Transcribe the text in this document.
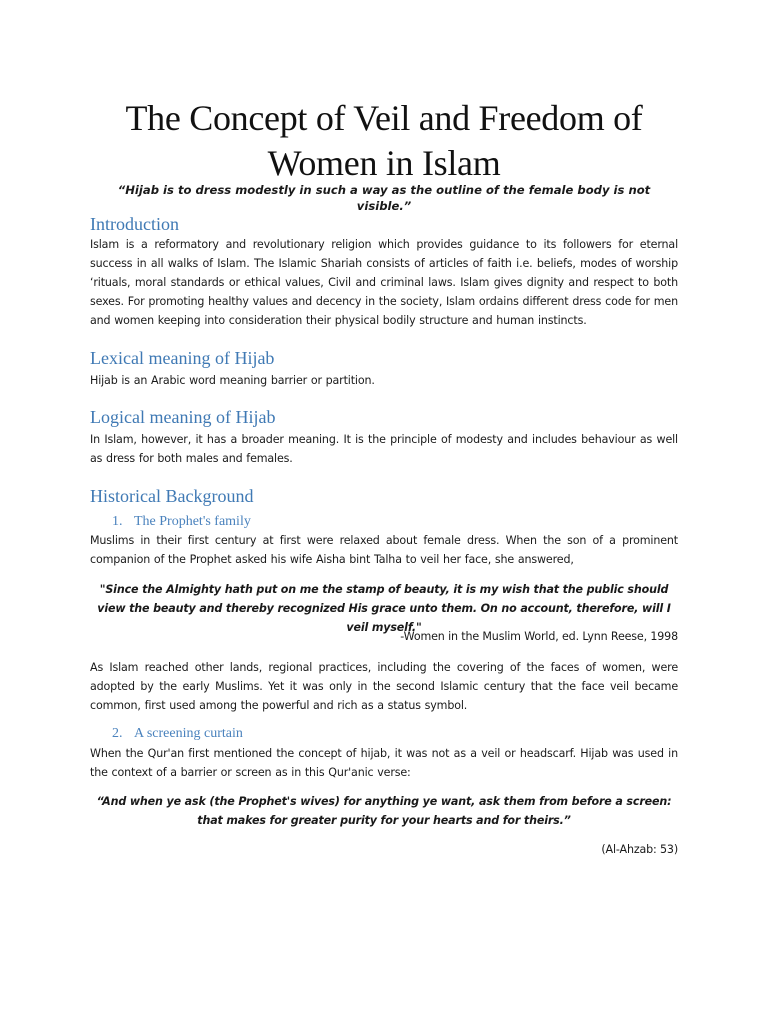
The Concept of Veil and Freedom of Women in Islam

“Hijab is to dress modestly in such a way as the outline of the female body is not visible.”

Introduction

Islam is a reformatory and revolutionary religion which provides guidance to its followers for eternal success in all walks of Islam. The Islamic Shariah consists of articles of faith i.e. beliefs, modes of worship ‘rituals, moral standards or ethical values, Civil and criminal laws. Islam gives dignity and respect to both sexes. For promoting healthy values and decency in the society, Islam ordains different dress code for men and women keeping into consideration their physical bodily structure and human instincts.

Lexical meaning of Hijab

Hijab is an Arabic word meaning barrier or partition.

Logical meaning of Hijab

In Islam, however, it has a broader meaning. It is the principle of modesty and includes behaviour as well as dress for both males and females.

Historical Background
1. The Prophet's family

Muslims in their first century at first were relaxed about female dress. When the son of a prominent companion of the Prophet asked his wife Aisha bint Talha to veil her face, she answered,

"Since the Almighty hath put on me the stamp of beauty, it is my wish that the public should view the beauty and thereby recognized His grace unto them. On no account, therefore, will I veil myself."

-Women in the Muslim World, ed. Lynn Reese, 1998

As Islam reached other lands, regional practices, including the covering of the faces of women, were adopted by the early Muslims. Yet it was only in the second Islamic century that the face veil became common, first used among the powerful and rich as a status symbol.

2. A screening curtain

When the Qur'an first mentioned the concept of hijab, it was not as a veil or headscarf. Hijab was used in the context of a barrier or screen as in this Qur'anic verse:

“And when ye ask (the Prophet's wives) for anything ye want, ask them from before a screen: that makes for greater purity for your hearts and for theirs.”

(Al-Ahzab: 53)
